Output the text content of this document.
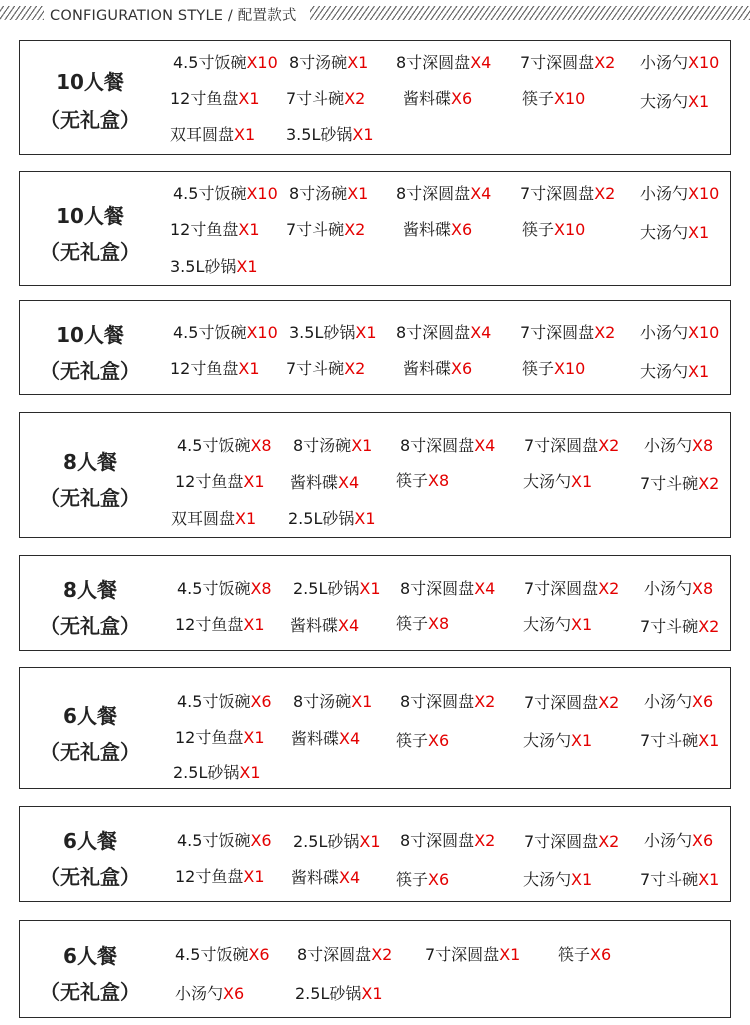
CONFIGURATION STYLE / 配置款式
10人餐
（无礼盒）
4.5寸饭碗X10 8寸汤碗X1 8寸深圆盘X4 7寸深圆盘X2 小汤勺X10
12寸鱼盘X1 7寸斗碗X2 酱料碟X6	筷子X10	大汤勺X1
双耳圆盘X1 3.5L砂锅X1
10人餐
（无礼盒）
4.5寸饭碗X10 8寸汤碗X1 8寸深圆盘X4 7寸深圆盘X2 小汤勺X10
12寸鱼盘X1 7寸斗碗X2 酱料碟X6	筷子X10	大汤勺X1
3.5L砂锅X1
10人餐
（无礼盒）
4.5寸饭碗X10 3.5L砂锅X1 8寸深圆盘X4 7寸深圆盘X2 小汤勺X10
12寸鱼盘X1 7寸斗碗X2 酱料碟X6	筷子X10	大汤勺X1
8人餐
（无礼盒）
4.5寸饭碗X8 8寸汤碗X1 8寸深圆盘X4 7寸深圆盘X2 小汤勺X8
12寸鱼盘X1 酱料碟X4 筷子X8	大汤勺X1	7寸斗碗X2
双耳圆盘X1 2.5L砂锅X1
8人餐
（无礼盒）
4.5寸饭碗X8 2.5L砂锅X1 8寸深圆盘X4 7寸深圆盘X2 小汤勺X8
12寸鱼盘X1 酱料碟X4 筷子X8	大汤勺X1	7寸斗碗X2
6人餐
（无礼盒）
4.5寸饭碗X6 8寸汤碗X1 8寸深圆盘X2 7寸深圆盘X2 小汤勺X6
12寸鱼盘X1 酱料碟X4 筷子X6	大汤勺X1	7寸斗碗X1
2.5L砂锅X1
6人餐
（无礼盒）
4.5寸饭碗X6 2.5L砂锅X1 8寸深圆盘X2 7寸深圆盘X2 小汤勺X6
12寸鱼盘X1 酱料碟X4 筷子X6	大汤勺X1	7寸斗碗X1
6人餐
（无礼盒）
4.5寸饭碗X6 8寸深圆盘X2 7寸深圆盘X1 筷子X6
小汤勺X6	2.5L砂锅X1
